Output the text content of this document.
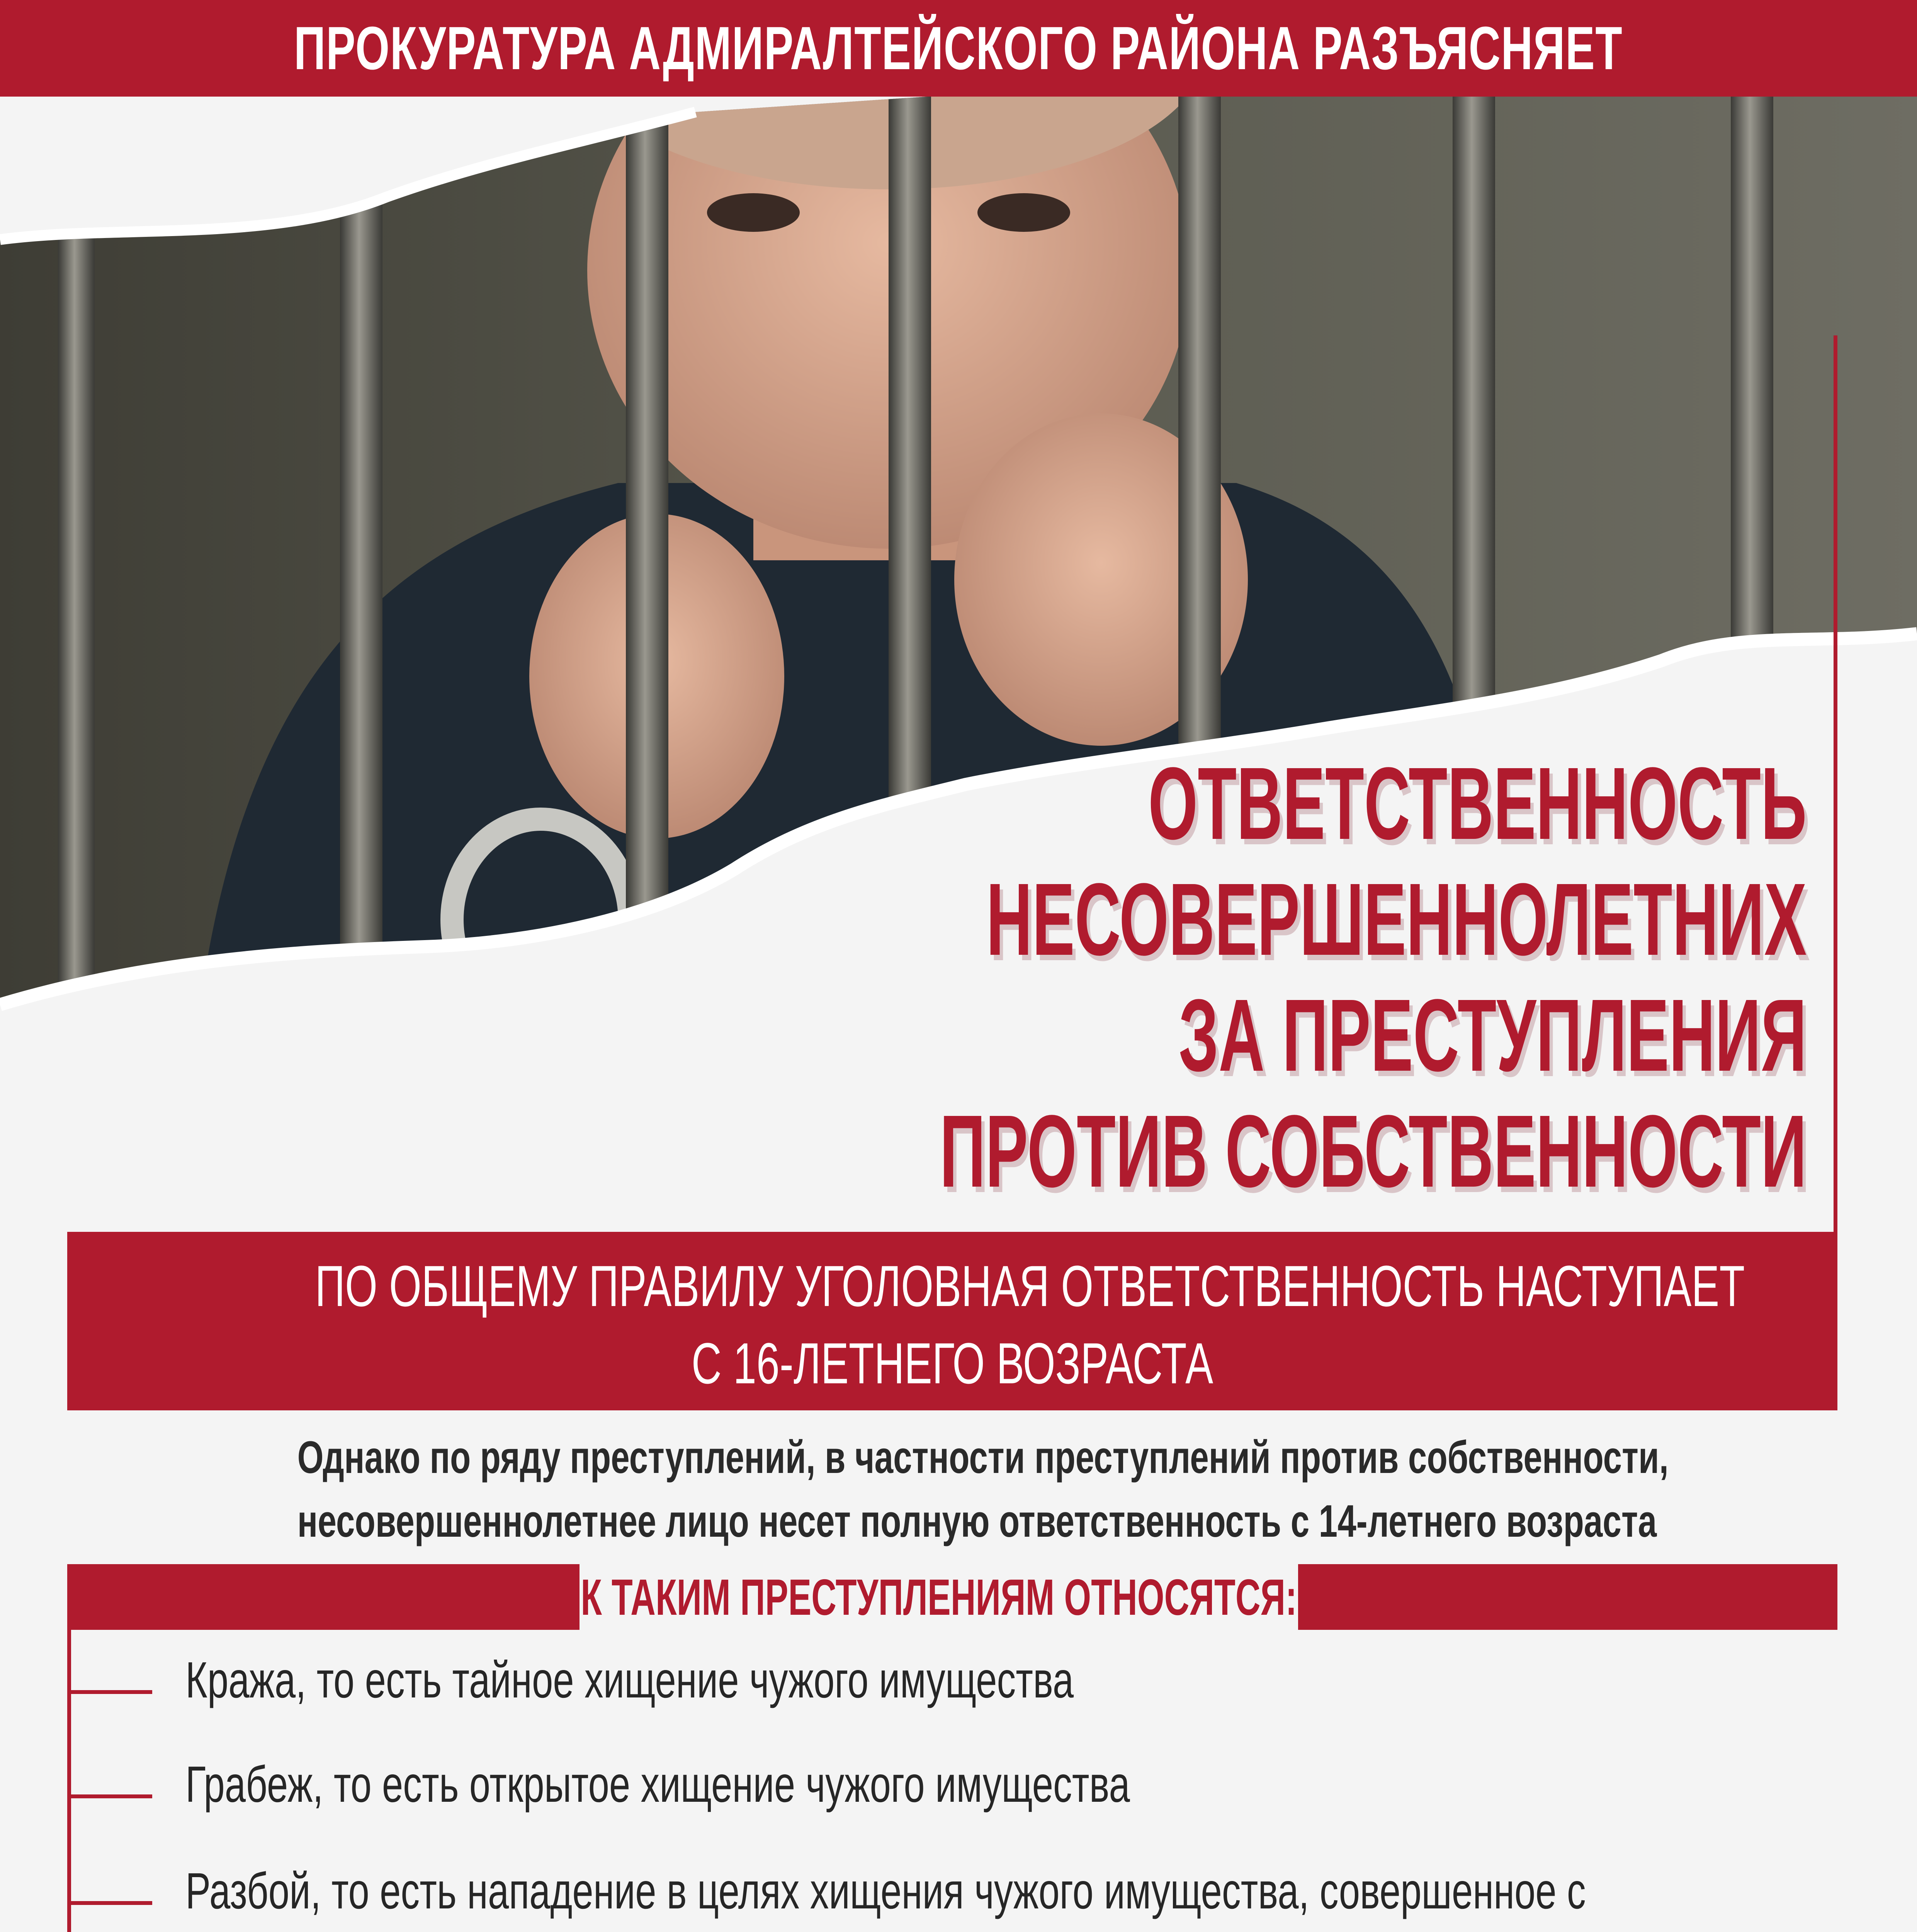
ПРОКУРАТУРА АДМИРАЛТЕЙСКОГО РАЙОНА РАЗЪЯСНЯЕТ
ОТВЕТСТВЕННОСТЬ
НЕСОВЕРШЕННОЛЕТНИХ
ЗА ПРЕСТУПЛЕНИЯ
ПРОТИВ СОБСТВЕННОСТИ
ПО ОБЩЕМУ ПРАВИЛУ УГОЛОВНАЯ ОТВЕТСТВЕННОСТЬ НАСТУПАЕТ
С 16-ЛЕТНЕГО ВОЗРАСТА
Однако по ряду преступлений, в частности преступлений против собственности,
несовершеннолетнее лицо несет полную ответственность с 14-летнего возраста
К ТАКИМ ПРЕСТУПЛЕНИЯМ ОТНОСЯТСЯ:
Кража, то есть тайное хищение чужого имущества
Грабеж, то есть открытое хищение чужого имущества
Разбой, то есть нападение в целях хищения чужого имущества, совершенное с
